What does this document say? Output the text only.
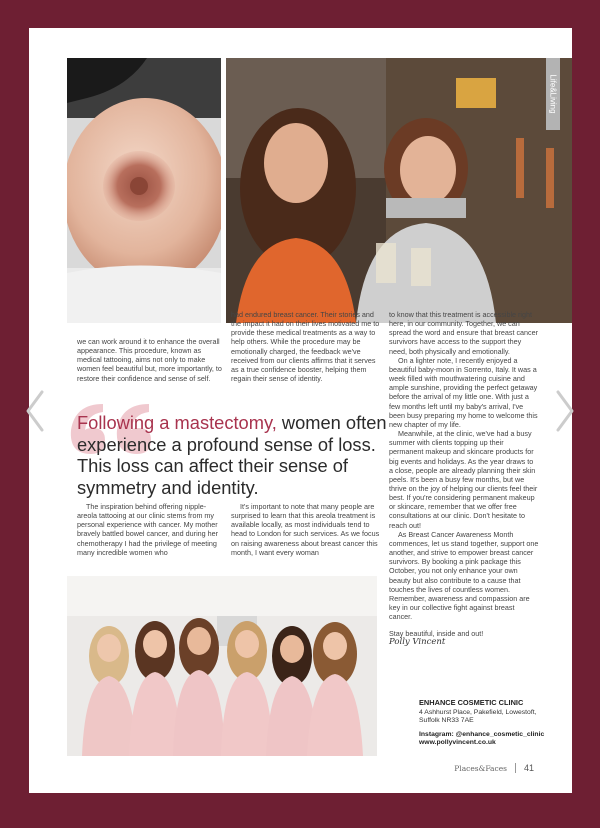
Life&Living

we can work around it to enhance the overall appearance. This procedure, known as medical tattooing, aims not only to make women feel beautiful but, more importantly, to restore their confidence and sense of self.

had endured breast cancer. Their stories and the impact it had on their lives motivated me to provide these medical treatments as a way to help others. While the procedure may be emotionally charged, the feedback we've received from our clients affirms that it serves as a true confidence booster, helping them regain their sense of identity.

to know that this treatment is accessible right here, in our community. Together, we can spread the word and ensure that breast cancer survivors have access to the support they need, both physically and emotionally.

On a lighter note, I recently enjoyed a beautiful baby-moon in Sorrento, Italy. It was a week filled with mouthwatering cuisine and ample sunshine, providing the perfect getaway before the arrival of my little one. With just a few months left until my baby's arrival, I've been busy preparing my home to welcome this new chapter of my life.

Meanwhile, at the clinic, we've had a busy summer with clients topping up their permanent makeup and skincare products for big events and holidays. As the year draws to a close, people are already planning their skin peels. It's been a busy few months, but we thrive on the joy of helping our clients feel their best. If you're considering permanent makeup or skincare, remember that we offer free consultations at our clinic. Don't hesitate to reach out!

As Breast Cancer Awareness Month commences, let us stand together, support one another, and strive to empower breast cancer survivors. By booking a pink package this October, you not only enhance your own beauty but also contribute to a cause that touches the lives of countless women. Remember, awareness and compassion are key in our collective fight against breast cancer.

Stay beautiful, inside and out!

Polly Vincent

Following a mastectomy, women often experience a profound sense of loss. This loss can affect their sense of symmetry and identity.

The inspiration behind offering nipple-areola tattooing at our clinic stems from my personal experience with cancer. My mother bravely battled bowel cancer, and during her chemotherapy I had the privilege of meeting many incredible women who

It's important to note that many people are surprised to learn that this areola treatment is available locally, as most individuals tend to head to London for such services. As we focus on raising awareness about breast cancer this month, I want every woman

ENHANCE COSMETIC CLINIC
4 Ashhurst Place, Pakefield, Lowestoft,
Suffolk NR33 7AE
Instagram: @enhance_cosmetic_clinic
www.pollyvincent.co.uk
Places&Faces 41
